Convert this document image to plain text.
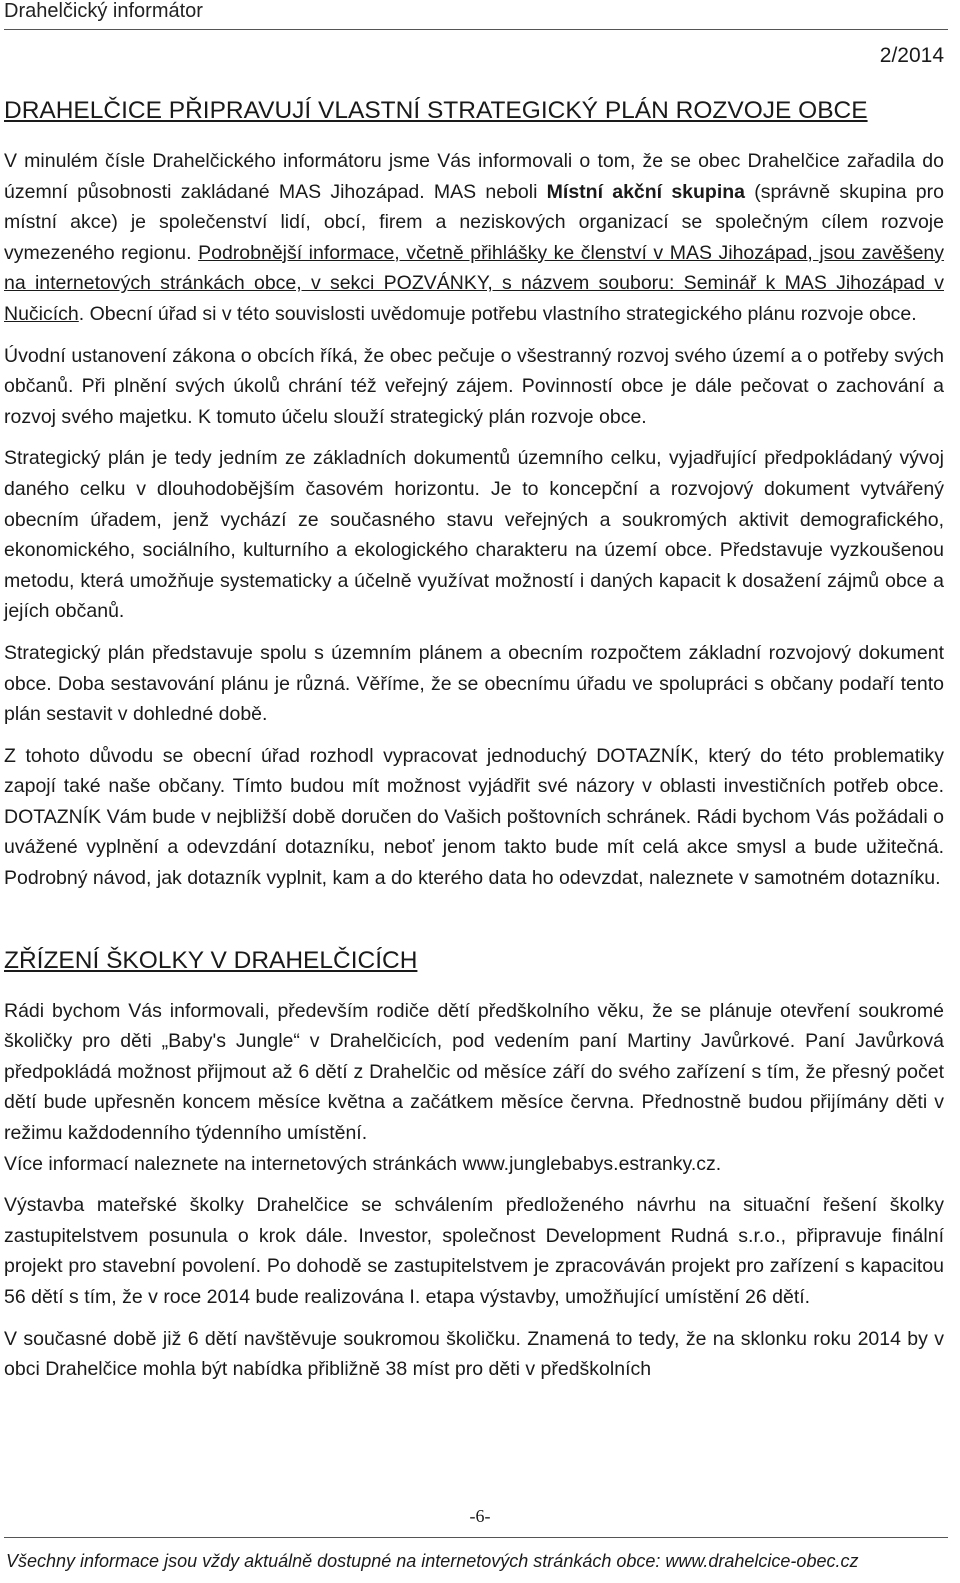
Drahelčický informátor
2/2014
DRAHELČICE PŘIPRAVUJÍ VLASTNÍ STRATEGICKÝ PLÁN ROZVOJE OBCE

V minulém čísle Drahelčického informátoru jsme Vás informovali o tom, že se obec Drahelčice zařadila do územní působnosti zakládané MAS Jihozápad. MAS neboli Místní akční skupina (správně skupina pro místní akce) je společenství lidí, obcí, firem a neziskových organizací se společným cílem rozvoje vymezeného regionu. Podrobnější informace, včetně přihlášky ke členství v MAS Jihozápad, jsou zavěšeny na internetových stránkách obce, v sekci POZVÁNKY, s názvem souboru: Seminář k MAS Jihozápad v Nučicích. Obecní úřad si v této souvislosti uvědomuje potřebu vlastního strategického plánu rozvoje obce.

Úvodní ustanovení zákona o obcích říká, že obec pečuje o všestranný rozvoj svého území a o potřeby svých občanů. Při plnění svých úkolů chrání též veřejný zájem. Povinností obce je dále pečovat o zachování a rozvoj svého majetku. K tomuto účelu slouží strategický plán rozvoje obce.

Strategický plán je tedy jedním ze základních dokumentů územního celku, vyjadřující předpokládaný vývoj daného celku v dlouhodobějším časovém horizontu. Je to koncepční a rozvojový dokument vytvářený obecním úřadem, jenž vychází ze současného stavu veřejných a soukromých aktivit demografického, ekonomického, sociálního, kulturního a ekologického charakteru na území obce. Představuje vyzkoušenou metodu, která umožňuje systematicky a účelně využívat možností i daných kapacit k dosažení zájmů obce a jejích občanů.

Strategický plán představuje spolu s územním plánem a obecním rozpočtem základní rozvojový dokument obce. Doba sestavování plánu je různá. Věříme, že se obecnímu úřadu ve spolupráci s občany podaří tento plán sestavit v dohledné době.

Z tohoto důvodu se obecní úřad rozhodl vypracovat jednoduchý DOTAZNÍK, který do této problematiky zapojí také naše občany. Tímto budou mít možnost vyjádřit své názory v oblasti investičních potřeb obce. DOTAZNÍK Vám bude v nejbližší době doručen do Vašich poštovních schránek. Rádi bychom Vás požádali o uvážené vyplnění a odevzdání dotazníku, neboť jenom takto bude mít celá akce smysl a bude užitečná. Podrobný návod, jak dotazník vyplnit, kam a do kterého data ho odevzdat, naleznete v samotném dotazníku.

ZŘÍZENÍ ŠKOLKY V DRAHELČICÍCH

Rádi bychom Vás informovali, především rodiče dětí předškolního věku, že se plánuje otevření soukromé školičky pro děti „Baby's Jungle“ v Drahelčicích, pod vedením paní Martiny Javůrkové. Paní Javůrková předpokládá možnost přijmout až 6 dětí z Drahelčic od měsíce září do svého zařízení s tím, že přesný počet dětí bude upřesněn koncem měsíce května a začátkem měsíce června. Přednostně budou přijímány děti v režimu každodenního týdenního umístění.

Více informací naleznete na internetových stránkách www.junglebabys.estranky.cz.

Výstavba mateřské školky Drahelčice se schválením předloženého návrhu na situační řešení školky zastupitelstvem posunula o krok dále. Investor, společnost Development Rudná s.r.o., připravuje finální projekt pro stavební povolení. Po dohodě se zastupitelstvem je zpracováván projekt pro zařízení s kapacitou 56 dětí s tím, že v roce 2014 bude realizována I. etapa výstavby, umožňující umístění 26 dětí.

V současné době již 6 dětí navštěvuje soukromou školičku. Znamená to tedy, že na sklonku roku 2014 by v obci Drahelčice mohla být nabídka přibližně 38 míst pro děti v předškolních

-6-
Všechny informace jsou vždy aktuálně dostupné na internetových stránkách obce: www.drahelcice-obec.cz
